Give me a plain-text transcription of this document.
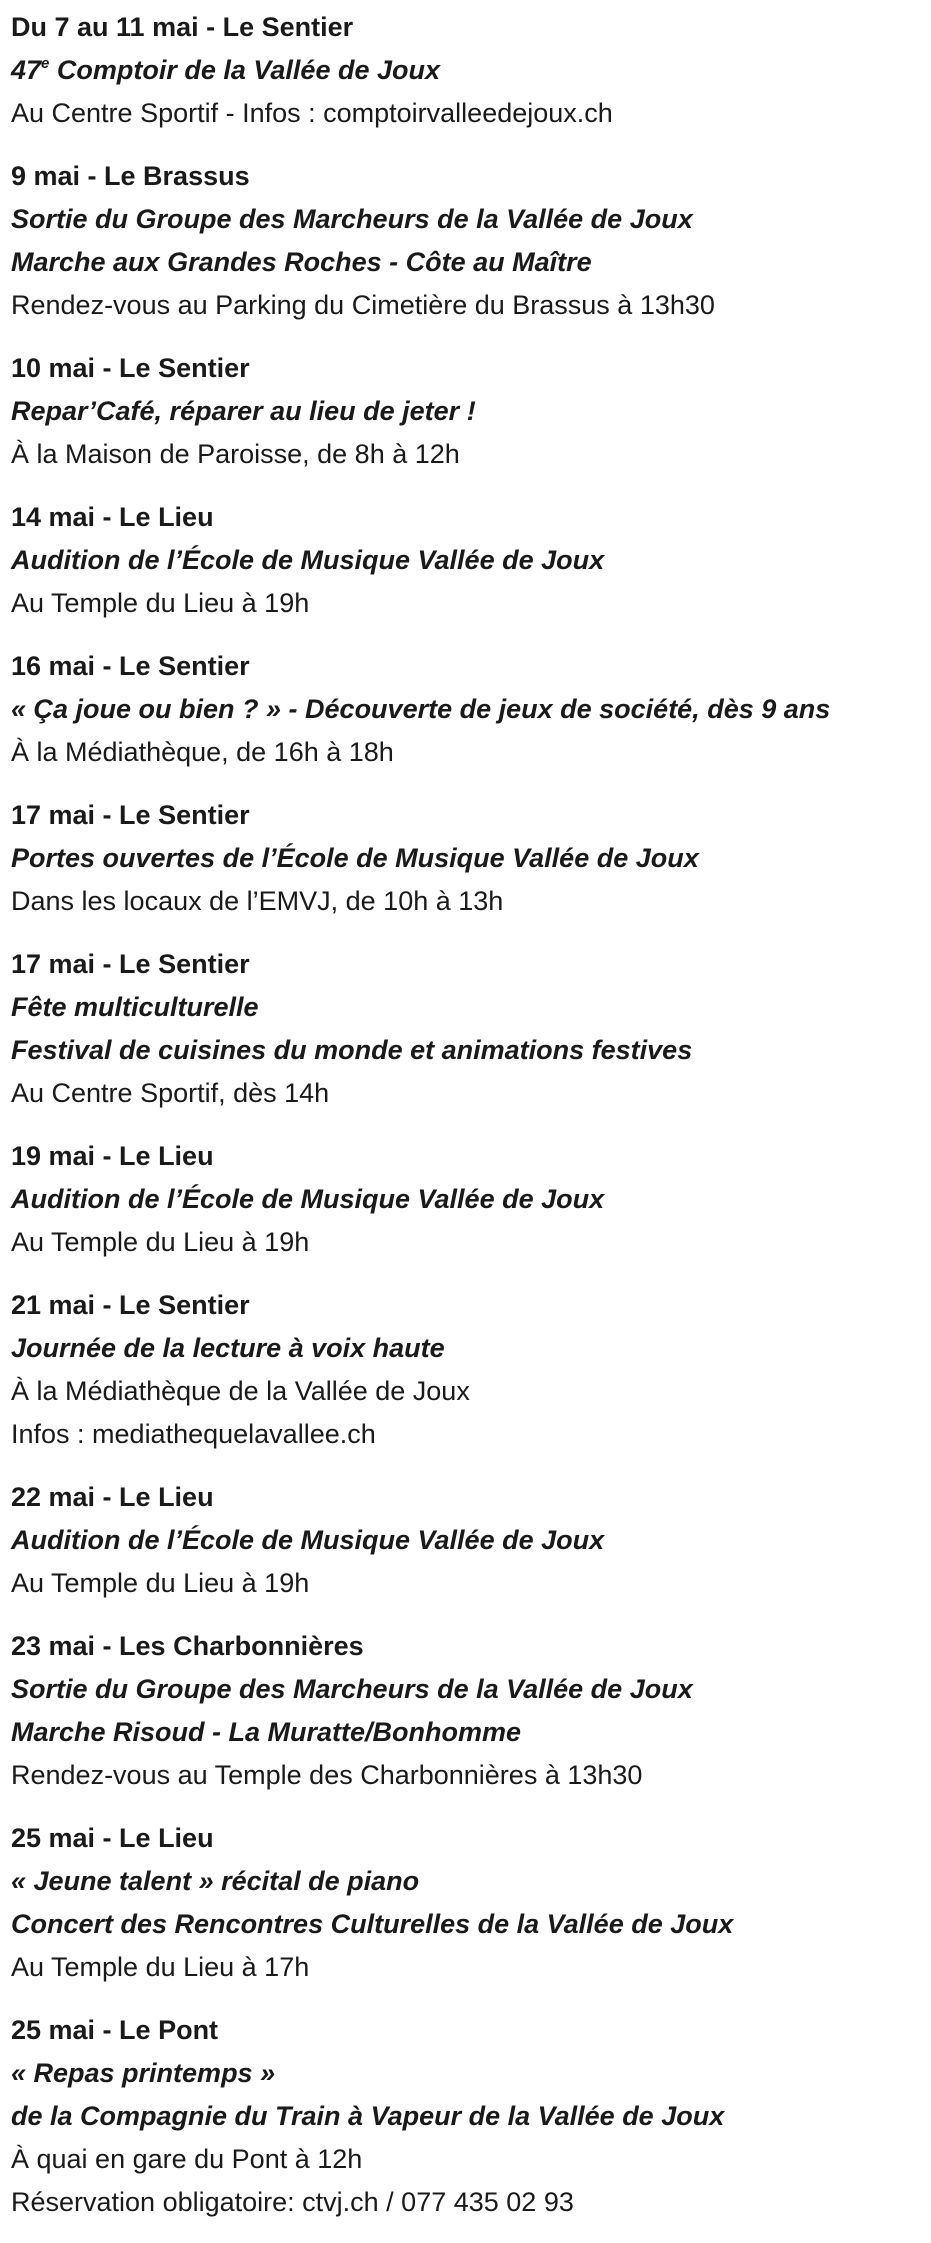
Du 7 au 11 mai - Le Sentier
47e Comptoir de la Vallée de Joux
Au Centre Sportif - Infos : comptoirvalleedejoux.ch
9 mai - Le Brassus
Sortie du Groupe des Marcheurs de la Vallée de Joux
Marche aux Grandes Roches - Côte au Maître
Rendez-vous au Parking du Cimetière du Brassus à 13h30
10 mai - Le Sentier
Repar’Café, réparer au lieu de jeter !
À la Maison de Paroisse, de 8h à 12h
14 mai - Le Lieu
Audition de l’École de Musique Vallée de Joux
Au Temple du Lieu à 19h
16 mai - Le Sentier
« Ça joue ou bien ? » - Découverte de jeux de société, dès 9 ans
À la Médiathèque, de 16h à 18h
17 mai - Le Sentier
Portes ouvertes de l’École de Musique Vallée de Joux
Dans les locaux de l’EMVJ, de 10h à 13h
17 mai - Le Sentier
Fête multiculturelle
Festival de cuisines du monde et animations festives
Au Centre Sportif, dès 14h
19 mai - Le Lieu
Audition de l’École de Musique Vallée de Joux
Au Temple du Lieu à 19h
21 mai - Le Sentier
Journée de la lecture à voix haute
À la Médiathèque de la Vallée de Joux
Infos : mediathequelavallee.ch
22 mai - Le Lieu
Audition de l’École de Musique Vallée de Joux
Au Temple du Lieu à 19h
23 mai - Les Charbonnières
Sortie du Groupe des Marcheurs de la Vallée de Joux
Marche Risoud - La Muratte/Bonhomme
Rendez-vous au Temple des Charbonnières à 13h30
25 mai - Le Lieu
« Jeune talent » récital de piano
Concert des Rencontres Culturelles de la Vallée de Joux
Au Temple du Lieu à 17h
25 mai - Le Pont
« Repas printemps »
de la Compagnie du Train à Vapeur de la Vallée de Joux
À quai en gare du Pont à 12h
Réservation obligatoire: ctvj.ch / 077 435 02 93
